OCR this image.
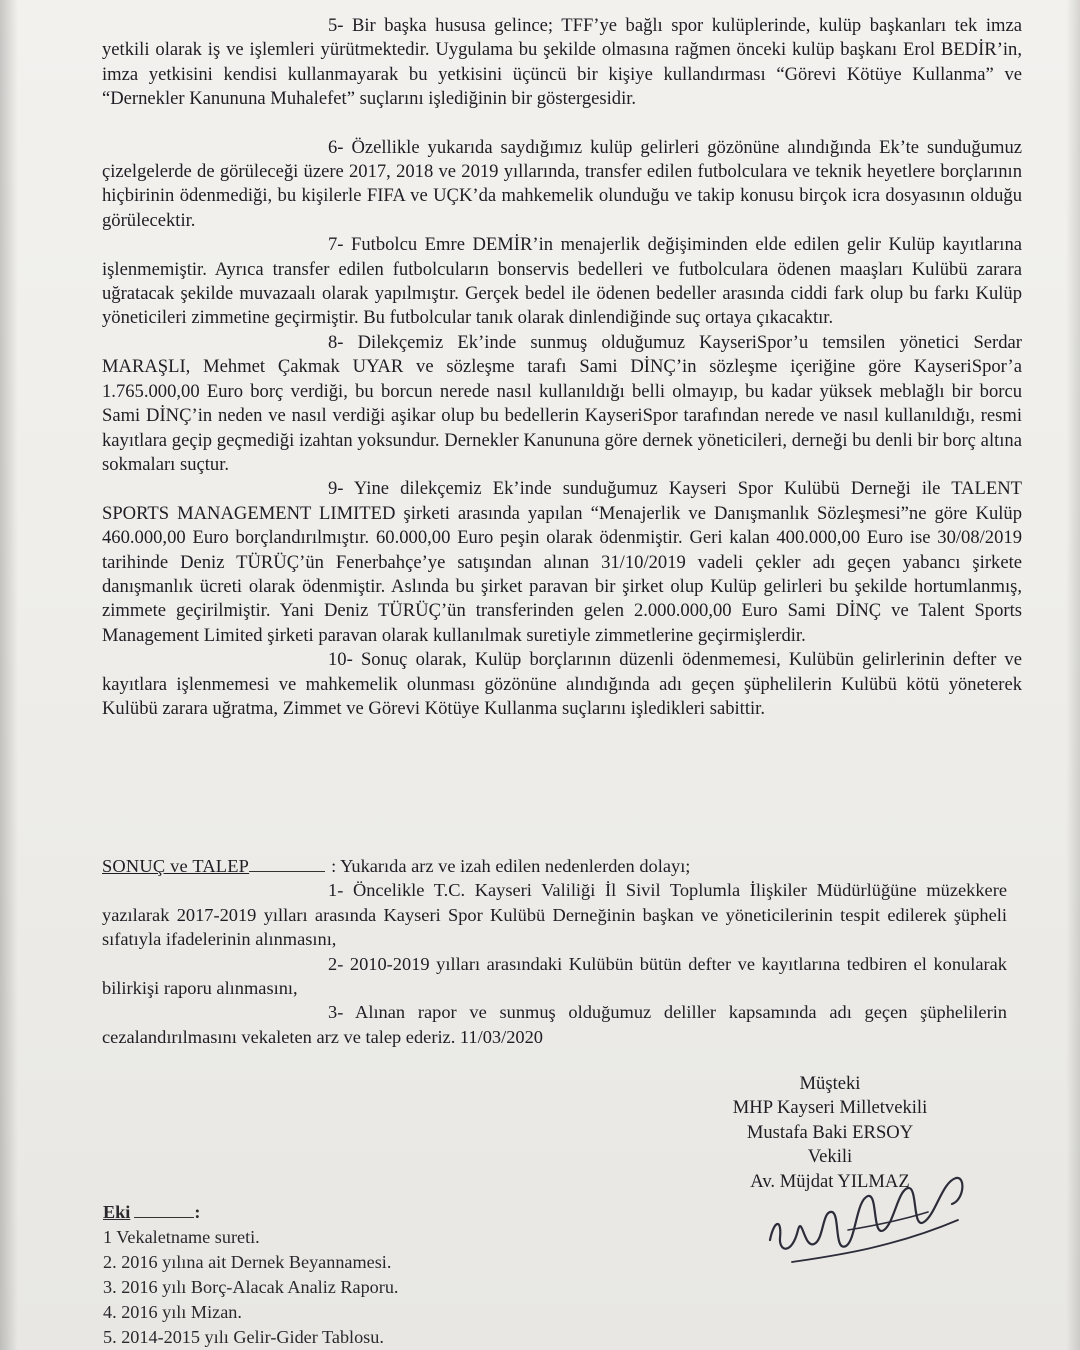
5- Bir başka hususa gelince; TFF’ye bağlı spor kulüplerinde, kulüp başkanları tek imza yetkili olarak iş ve işlemleri yürütmektedir. Uygulama bu şekilde olmasına rağmen önceki kulüp başkanı Erol BEDİR’in, imza yetkisini kendisi kullanmayarak bu yetkisini üçüncü bir kişiye kullandırması “Görevi Kötüye Kullanma” ve “Dernekler Kanununa Muhalefet” suçlarını işlediğinin bir göstergesidir.

6- Özellikle yukarıda saydığımız kulüp gelirleri gözönüne alındığında Ek’te sunduğumuz çizelgelerde de görüleceği üzere 2017, 2018 ve 2019 yıllarında, transfer edilen futbolculara ve teknik heyetlere borçlarının hiçbirinin ödenmediği, bu kişilerle FIFA ve UÇK’da mahkemelik olunduğu ve takip konusu birçok icra dosyasının olduğu görülecektir.

7- Futbolcu Emre DEMİR’in menajerlik değişiminden elde edilen gelir Kulüp kayıtlarına işlenmemiştir. Ayrıca transfer edilen futbolcuların bonservis bedelleri ve futbolculara ödenen maaşları Kulübü zarara uğratacak şekilde muvazaalı olarak yapılmıştır. Gerçek bedel ile ödenen bedeller arasında ciddi fark olup bu farkı Kulüp yöneticileri zimmetine geçirmiştir. Bu futbolcular tanık olarak dinlendiğinde suç ortaya çıkacaktır.

8- Dilekçemiz Ek’inde sunmuş olduğumuz KayseriSpor’u temsilen yönetici Serdar MARAŞLI, Mehmet Çakmak UYAR ve sözleşme tarafı Sami DİNÇ’in sözleşme içeriğine göre KayseriSpor’a 1.765.000,00 Euro borç verdiği, bu borcun nerede nasıl kullanıldığı belli olmayıp, bu kadar yüksek meblağlı bir borcu Sami DİNÇ’in neden ve nasıl verdiği aşikar olup bu bedellerin KayseriSpor tarafından nerede ve nasıl kullanıldığı, resmi kayıtlara geçip geçmediği izahtan yoksundur. Dernekler Kanununa göre dernek yöneticileri, derneği bu denli bir borç altına sokmaları suçtur.

9- Yine dilekçemiz Ek’inde sunduğumuz Kayseri Spor Kulübü Derneği ile TALENT SPORTS MANAGEMENT LIMITED şirketi arasında yapılan “Menajerlik ve Danışmanlık Sözleşmesi”ne göre Kulüp 460.000,00 Euro borçlandırılmıştır. 60.000,00 Euro peşin olarak ödenmiştir. Geri kalan 400.000,00 Euro ise 30/08/2019 tarihinde Deniz TÜRÜÇ’ün Fenerbahçe’ye satışından alınan 31/10/2019 vadeli çekler adı geçen yabancı şirkete danışmanlık ücreti olarak ödenmiştir. Aslında bu şirket paravan bir şirket olup Kulüp gelirleri bu şekilde hortumlanmış, zimmete geçirilmiştir. Yani Deniz TÜRÜÇ’ün transferinden gelen 2.000.000,00 Euro Sami DİNÇ ve Talent Sports Management Limited şirketi paravan olarak kullanılmak suretiyle zimmetlerine geçirmişlerdir.

10- Sonuç olarak, Kulüp borçlarının düzenli ödenmemesi, Kulübün gelirlerinin defter ve kayıtlara işlenmemesi ve mahkemelik olunması gözönüne alındığında adı geçen şüphelilerin Kulübü kötü yöneterek Kulübü zarara uğratma, Zimmet ve Görevi Kötüye Kullanma suçlarını işledikleri sabittir.

SONUÇ ve TALEP	: Yukarıda arz ve izah edilen nedenlerden dolayı;

1- Öncelikle T.C. Kayseri Valiliği İl Sivil Toplumla İlişkiler Müdürlüğüne müzekkere yazılarak 2017-2019 yılları arasında Kayseri Spor Kulübü Derneğinin başkan ve yöneticilerinin tespit edilerek şüpheli sıfatıyla ifadelerinin alınmasını,

2- 2010-2019 yılları arasındaki Kulübün bütün defter ve kayıtlarına tedbiren el konularak bilirkişi raporu alınmasını,

3- Alınan rapor ve sunmuş olduğumuz deliller kapsamında adı geçen şüphelilerin cezalandırılmasını vekaleten arz ve talep ederiz. 11/03/2020

Müşteki
MHP Kayseri Milletvekili
Mustafa Baki ERSOY
Vekili
Av. Müjdat YILMAZ
Eki	:
1 Vekaletname sureti.
2. 2016 yılına ait Dernek Beyannamesi.
3. 2016 yılı Borç-Alacak Analiz Raporu.
4. 2016 yılı Mizan.
5. 2014-2015 yılı Gelir-Gider Tablosu.
